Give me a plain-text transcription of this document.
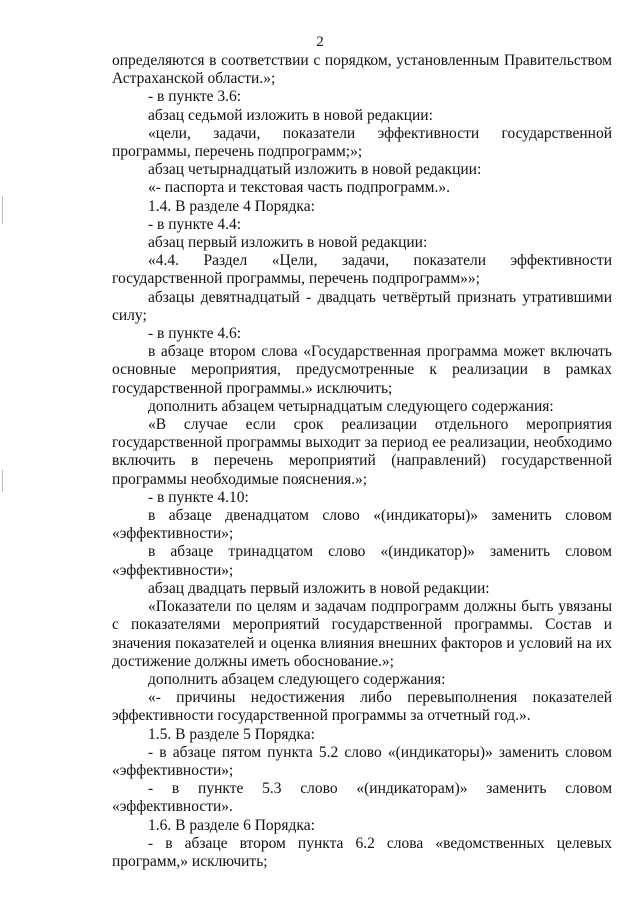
2

определяются в соответствии с порядком, установленным Правительством Астраханской области.»;

- в пункте 3.6:

абзац седьмой изложить в новой редакции:

«цели, задачи, показатели эффективности государственной программы, перечень подпрограмм;»;

абзац четырнадцатый изложить в новой редакции:

«- паспорта и текстовая часть подпрограмм.».

1.4. В разделе 4 Порядка:

- в пункте 4.4:

абзац первый изложить в новой редакции:

«4.4. Раздел «Цели, задачи, показатели эффективности государственной программы, перечень подпрограмм»»;

абзацы девятнадцатый - двадцать четвёртый признать утратившими силу;

- в пункте 4.6:

в абзаце втором слова «Государственная программа может включать основные мероприятия, предусмотренные к реализации в рамках государственной программы.» исключить;

дополнить абзацем четырнадцатым следующего содержания:

«В случае если срок реализации отдельного мероприятия государственной программы выходит за период ее реализации, необходимо включить в перечень мероприятий (направлений) государственной программы необходимые пояснения.»;

- в пункте 4.10:

в абзаце двенадцатом слово «(индикаторы)» заменить словом «эффективности»;

в абзаце тринадцатом слово «(индикатор)» заменить словом «эффективности»;

абзац двадцать первый изложить в новой редакции:

«Показатели по целям и задачам подпрограмм должны быть увязаны с показателями мероприятий государственной программы. Состав и значения показателей и оценка влияния внешних факторов и условий на их достижение должны иметь обоснование.»;

дополнить абзацем следующего содержания:

«- причины недостижения либо перевыполнения показателей эффективности государственной программы за отчетный год.».

1.5. В разделе 5 Порядка:

- в абзаце пятом пункта 5.2 слово «(индикаторы)» заменить словом «эффективности»;

- в пункте 5.3 слово «(индикаторам)» заменить словом «эффективности».

1.6. В разделе 6 Порядка:

- в абзаце втором пункта 6.2 слова «ведомственных целевых программ,» исключить;
